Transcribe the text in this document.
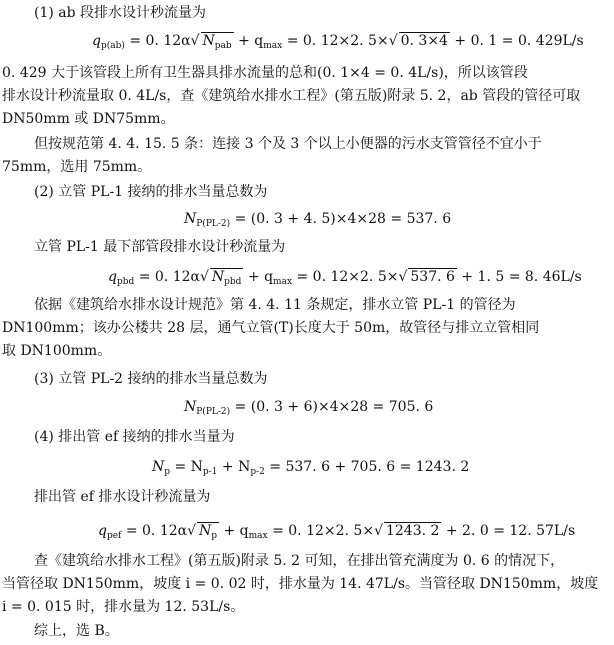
(1) ab 段排水设计秒流量为
$q_{p(ab)} = 0$. 12α√ $N_{pab} + q_{max} = 0$. 12×2. 5×√ 0. 3×4 + 0. 1 = 0. 429L/s
0. 429 大于该管段上所有卫生器具排水流量的总和(0. 1×4 = 0. 4L/s)，所以该管段
排水设计秒流量取 0. 4L/s，查《建筑给水排水工程》(第五版)附录 5. 2，ab 管段的管径可取
DN50mm 或 DN75mm。
但按规范第 4. 4. 15. 5 条：连接 3 个及 3 个以上小便器的污水支管管径不宜小于
75mm，选用 75mm。
(2) 立管 PL-1 接纳的排水当量总数为
$N_{P(PL-2)} = (0$. 3 + 4. 5)×4×28 = 537. 6
立管 PL-1 最下部管段排水设计秒流量为
$q_{pbd} = 0$. 12α√ $N_{pbd} + q_{max} = 0$. 12×2. 5×√ 537. 6 + 1. 5 = 8. 46L/s
依据《建筑给水排水设计规范》第 4. 4. 11 条规定，排水立管 PL-1 的管径为
DN100mm；该办公楼共 28 层，通气立管(T)长度大于 50m，故管径与排立立管相同
取 DN100mm。
(3) 立管 PL-2 接纳的排水当量总数为
$N_{P(PL-2)} = (0$. 3 + 6)×4×28 = 705. 6
(4) 排出管 ef 接纳的排水当量为
$N_p = N_{p-1} + N_{p-2} = 537$. 6 + 705. 6 = 1243. 2
排出管 ef 排水设计秒流量为
$q_{pef} = 0$. 12α√ $N_p + q_{max} = 0$. 12×2. 5×√ 1243. 2 + 2. 0 = 12. 57L/s
查《建筑给水排水工程》(第五版)附录 5. 2 可知，在排出管充满度为 0. 6 的情况下，
当管径取 DN150mm，坡度 i = 0. 02 时，排水量为 14. 47L/s。当管径取 DN150mm，坡度
i = 0. 015 时，排水量为 12. 53L/s。
综上，选 B。
